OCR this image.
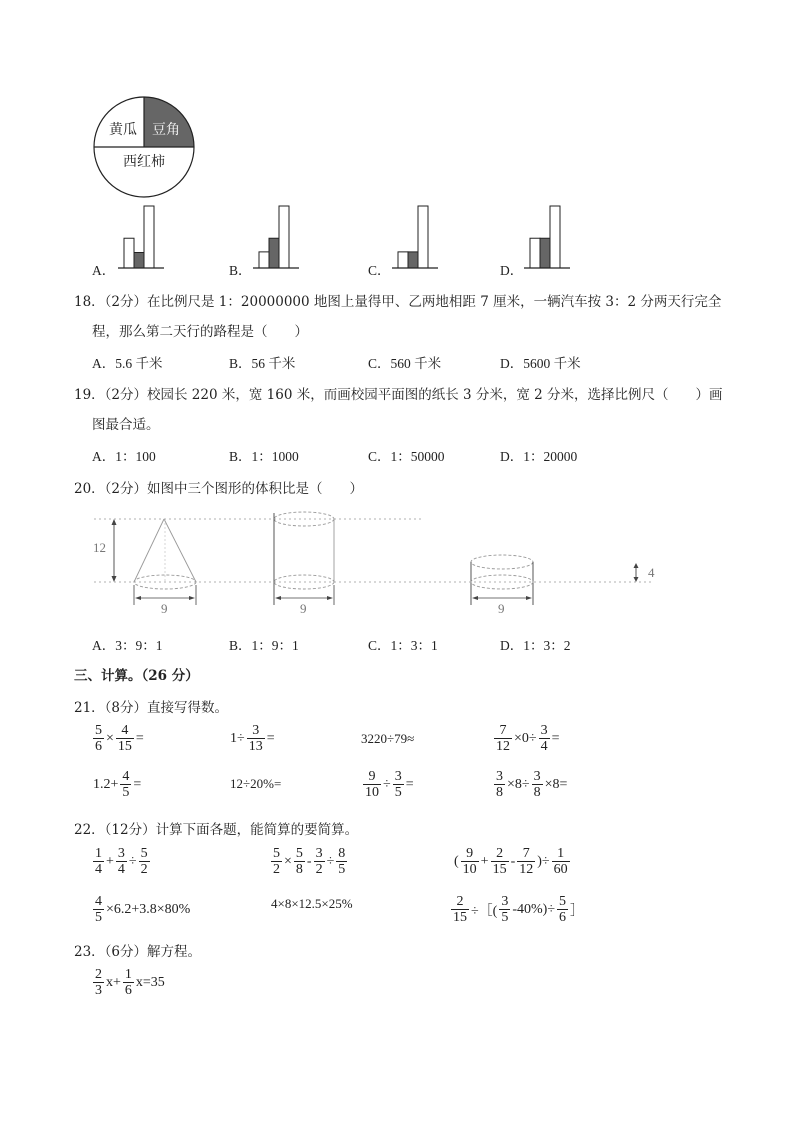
黄瓜 豆角
西红柿
A．	B．	C．	D．
18．（2分）在比例尺是 1：20000000 地图上量得甲、乙两地相距 7 厘米，一辆汽车按 3：2 分两天行完全
程，那么第二天行的路程是（　　）
A．5.6 千米	B．56 千米	C．560 千米	D．5600 千米
19．（2分）校园长 220 米，宽 160 米，而画校园平面图的纸长 3 分米，宽 2 分米，选择比例尺（　　）画
图最合适。
A．1：100	B．1：1000	C．1：50000	D．1：20000
20．（2分）如图中三个图形的体积比是（　　）
12
9	9	9
4
A．3：9：1	B．1：9：1	C．1：3：1	D．1：3：2
三、计算。（26 分）
21．（8分）直接写得数。
$\frac{5}{6} \times \frac{4}{15}$ =	$1\div \frac{3}{13}$ =	3220÷79≈	$\frac{7}{12} \times 0\div \frac{3}{4}$ =
$1.2+ \frac{4}{5}$ =	12÷20%=	$\frac{9}{10} \div \frac{3}{5}$ =	$\frac{3}{8} \times 8\div \frac{3}{8} \times 8=$
22．（12分）计算下面各题，能简算的要简算。
$\frac{1}{4} + \frac{3}{4} \div \frac{5}{2}$	$\frac{5}{2} \times \frac{5}{8} - \frac{3}{2} \div \frac{8}{5}$	( $\frac{9}{10} + \frac{2}{15} - \frac{7}{12}$ )÷ $\frac{1}{60}$
$\frac{4}{5} \times 6.2+3.8\times 80\%$	4×8×12.5×25%	$\frac{2}{15}$ ÷［( $\frac{3}{5} -40\%)\div \frac{5}{6}$ ］
23．（6分）解方程。
$\frac{2}{3} x+ \frac{1}{6} x=35$
